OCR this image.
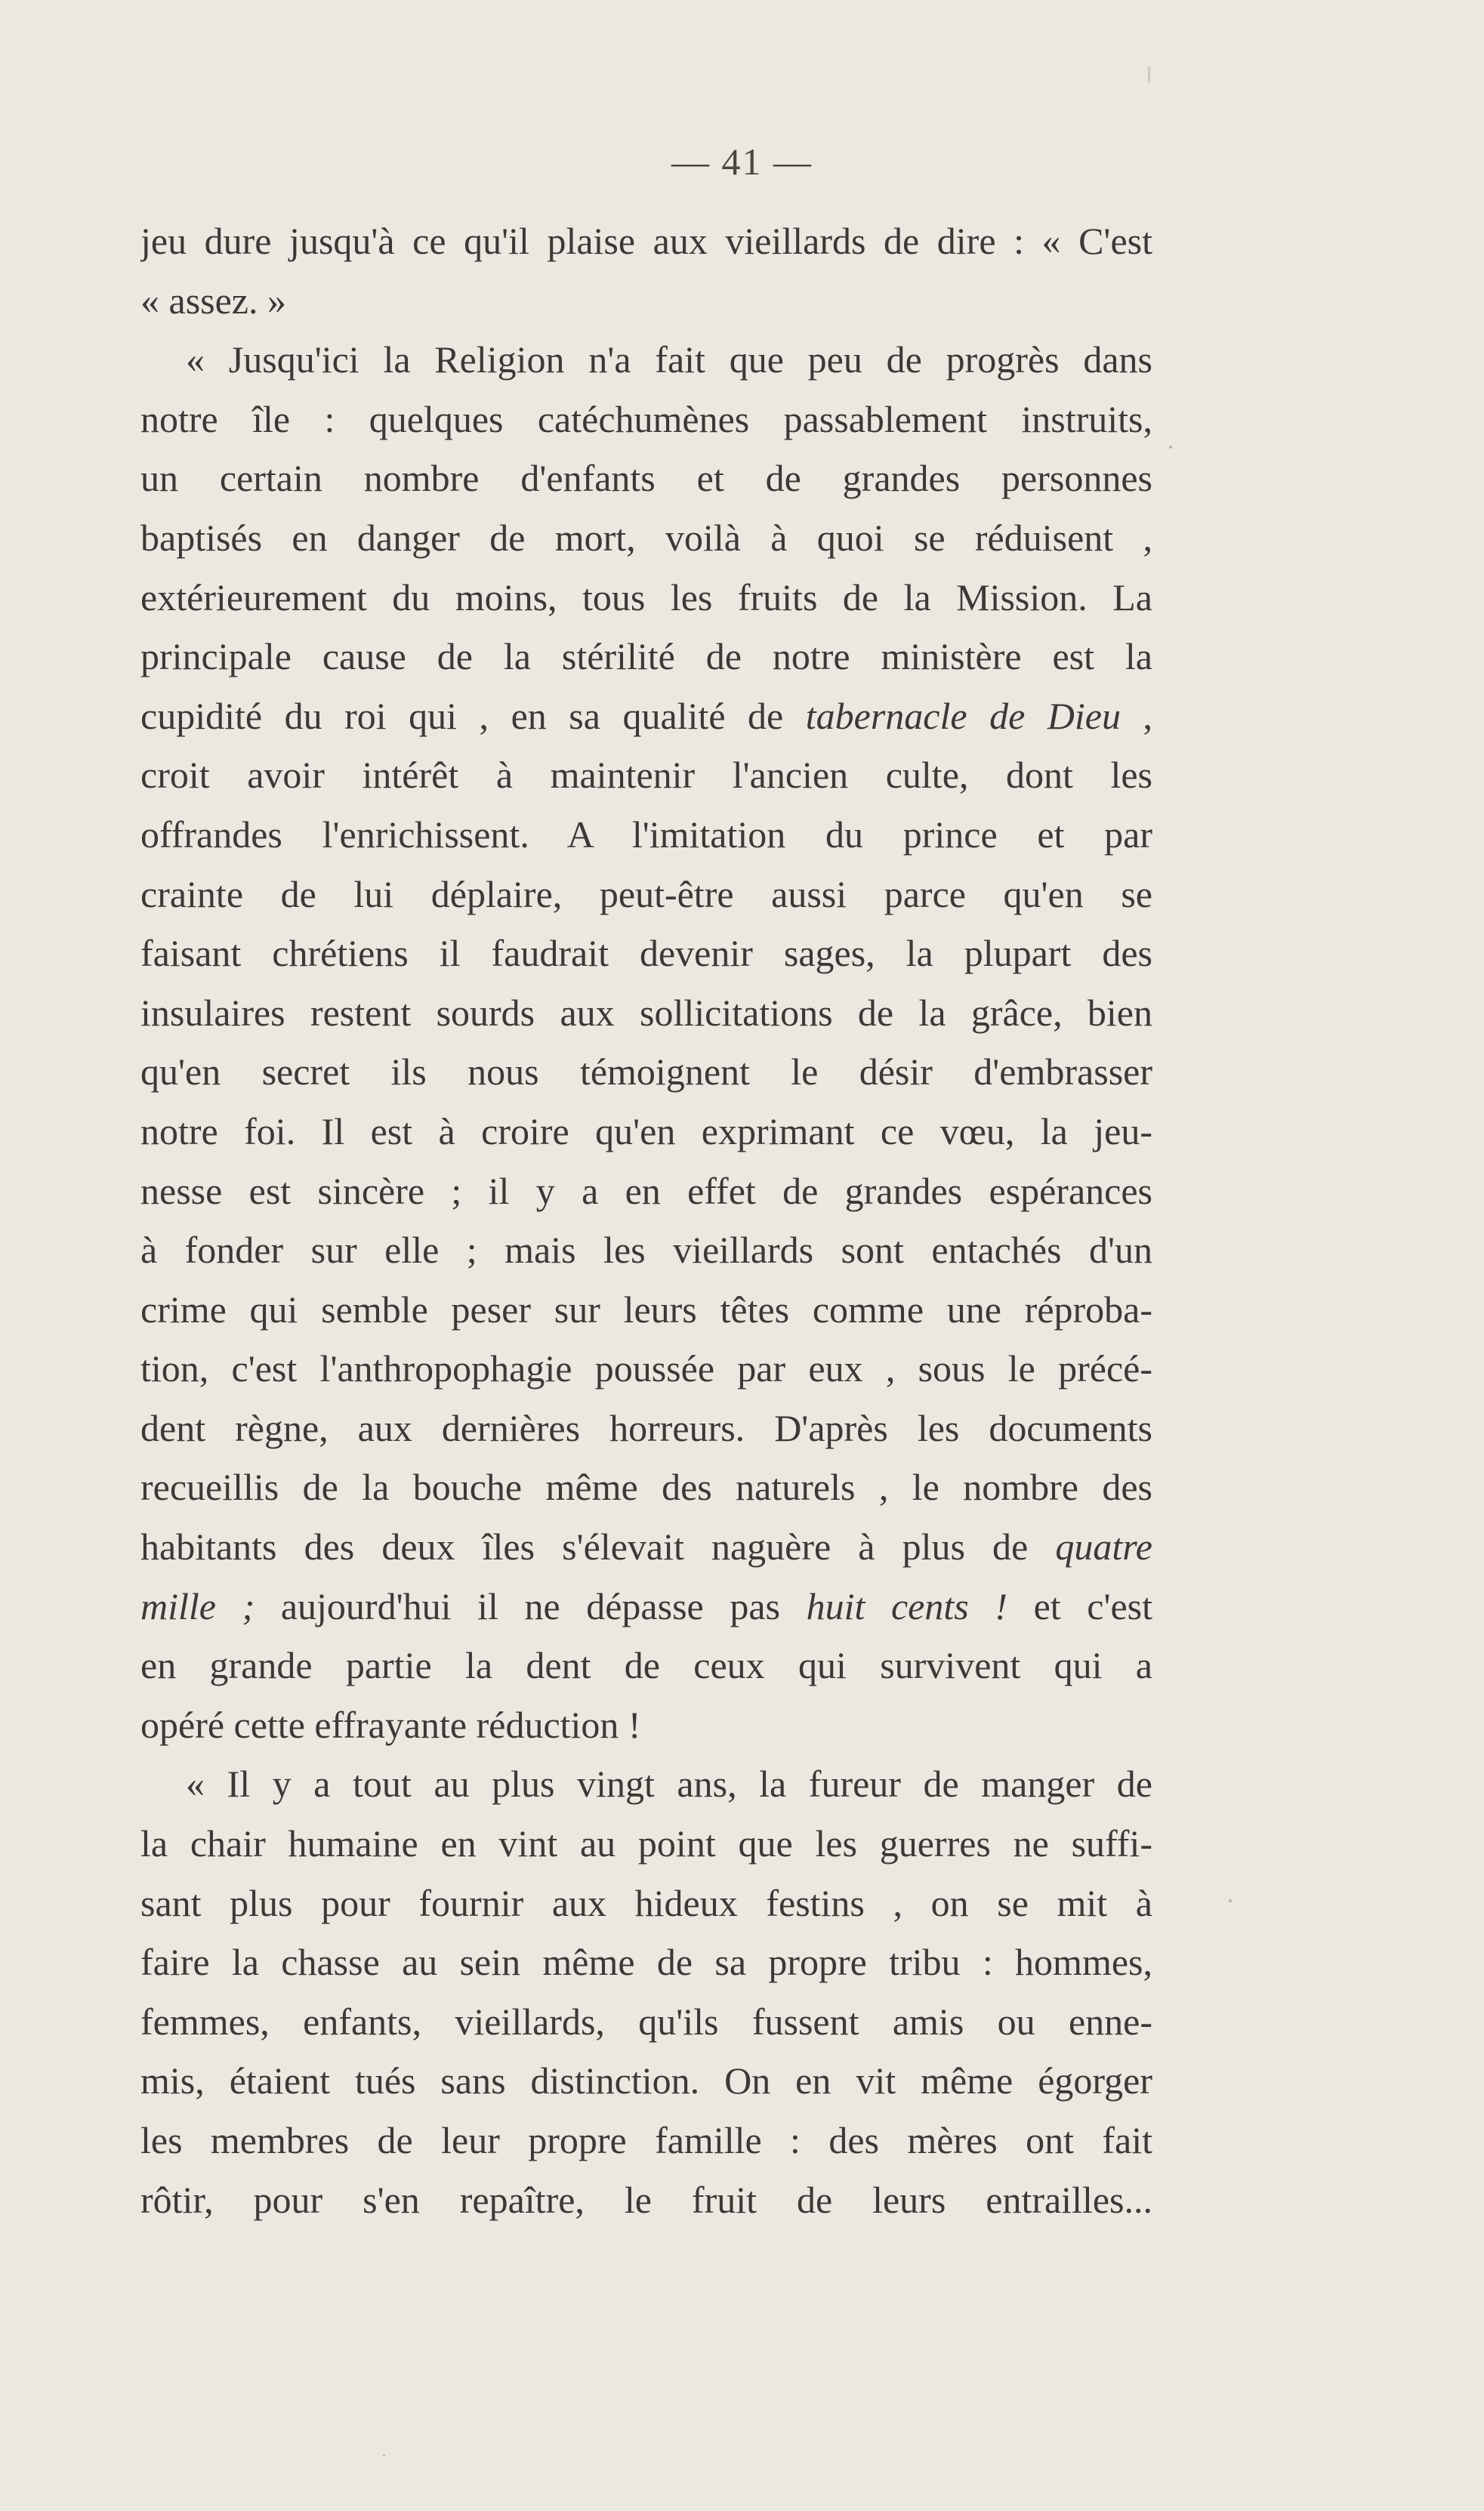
— 41 —
jeu dure jusqu'à ce qu'il plaise aux vieillards de dire : « C'est
« assez. »
« Jusqu'ici la Religion n'a fait que peu de progrès dans
notre île : quelques catéchumènes passablement instruits,
un certain nombre d'enfants et de grandes personnes
baptisés en danger de mort, voilà à quoi se réduisent ,
extérieurement du moins, tous les fruits de la Mission. La
principale cause de la stérilité de notre ministère est la
cupidité du roi qui , en sa qualité de tabernacle de Dieu ,
croit avoir intérêt à maintenir l'ancien culte, dont les
offrandes l'enrichissent. A l'imitation du prince et par
crainte de lui déplaire, peut-être aussi parce qu'en se
faisant chrétiens il faudrait devenir sages, la plupart des
insulaires restent sourds aux sollicitations de la grâce, bien
qu'en secret ils nous témoignent le désir d'embrasser
notre foi. Il est à croire qu'en exprimant ce vœu, la jeu-
nesse est sincère ; il y a en effet de grandes espérances
à fonder sur elle ; mais les vieillards sont entachés d'un
crime qui semble peser sur leurs têtes comme une réproba-
tion, c'est l'anthropophagie poussée par eux , sous le précé-
dent règne, aux dernières horreurs. D'après les documents
recueillis de la bouche même des naturels , le nombre des
habitants des deux îles s'élevait naguère à plus de quatre
mille ; aujourd'hui il ne dépasse pas huit cents ! et c'est
en grande partie la dent de ceux qui survivent qui a
opéré cette effrayante réduction !
« Il y a tout au plus vingt ans, la fureur de manger de
la chair humaine en vint au point que les guerres ne suffi-
sant plus pour fournir aux hideux festins , on se mit à
faire la chasse au sein même de sa propre tribu : hommes,
femmes, enfants, vieillards, qu'ils fussent amis ou enne-
mis, étaient tués sans distinction. On en vit même égorger
les membres de leur propre famille : des mères ont fait
rôtir, pour s'en repaître, le fruit de leurs entrailles...
